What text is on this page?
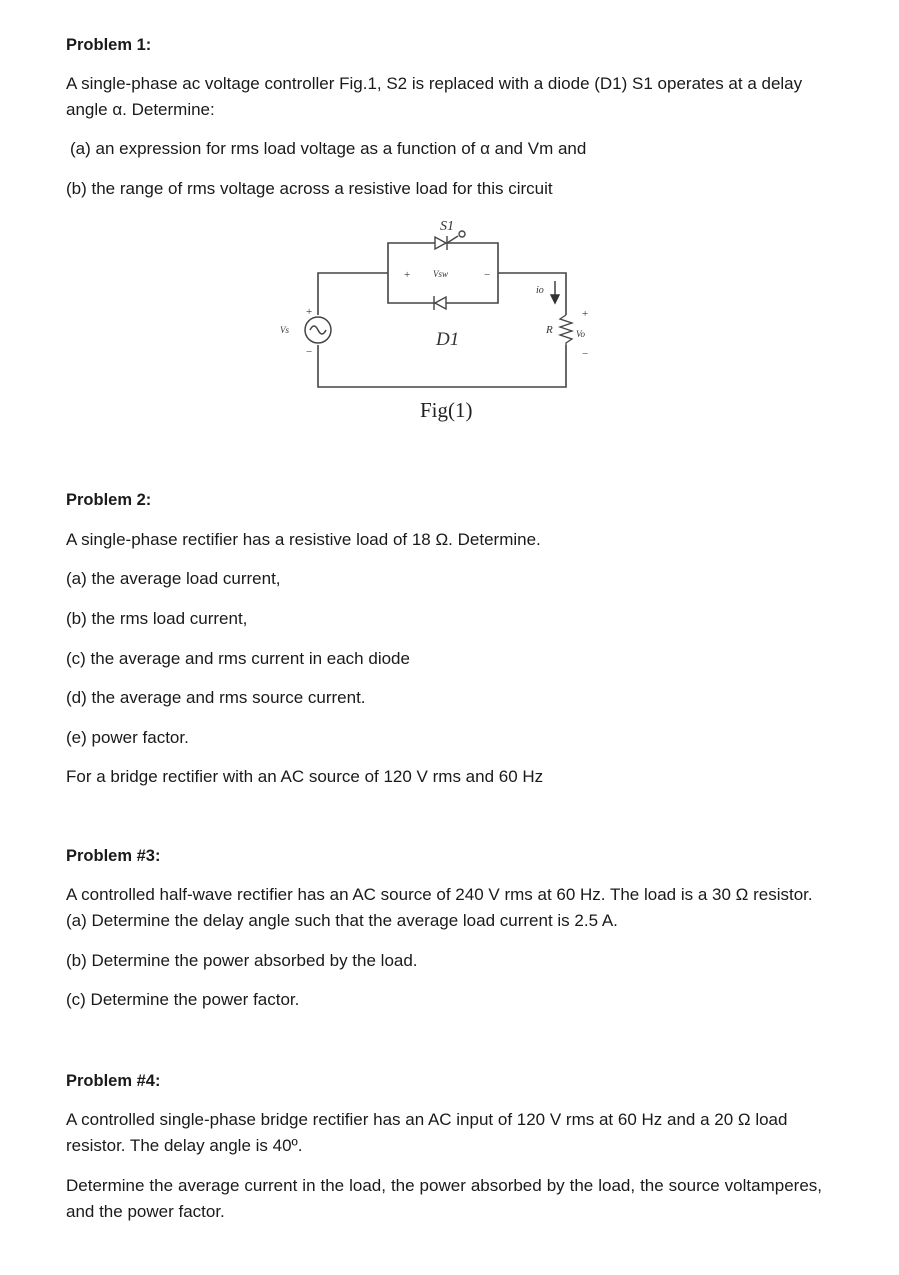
Problem 1:

A single-phase ac voltage controller Fig.1, S2 is replaced with a diode (D1) S1 operates at a delay angle α. Determine:

(a) an expression for rms load voltage as a function of α and Vm and

(b) the range of rms voltage across a resistive load for this circuit

+	−
+
−
+
−
S1
Vsw
D1
Vs
io
R	Vo
Fig(1)

Problem 2:

A single-phase rectifier has a resistive load of 18 Ω. Determine.

(a) the average load current,

(b) the rms load current,

(c) the average and rms current in each diode

(d) the average and rms source current.

(e) power factor.

For a bridge rectifier with an AC source of 120 V rms and 60 Hz

Problem #3:

A controlled half-wave rectifier has an AC source of 240 V rms at 60 Hz. The load is a 30 Ω resistor. (a) Determine the delay angle such that the average load current is 2.5 A.

(b) Determine the power absorbed by the load.

(c) Determine the power factor.

Problem #4:

A controlled single-phase bridge rectifier has an AC input of 120 V rms at 60 Hz and a 20 Ω load resistor. The delay angle is 40º.

Determine the average current in the load, the power absorbed by the load, the source voltamperes, and the power factor.
